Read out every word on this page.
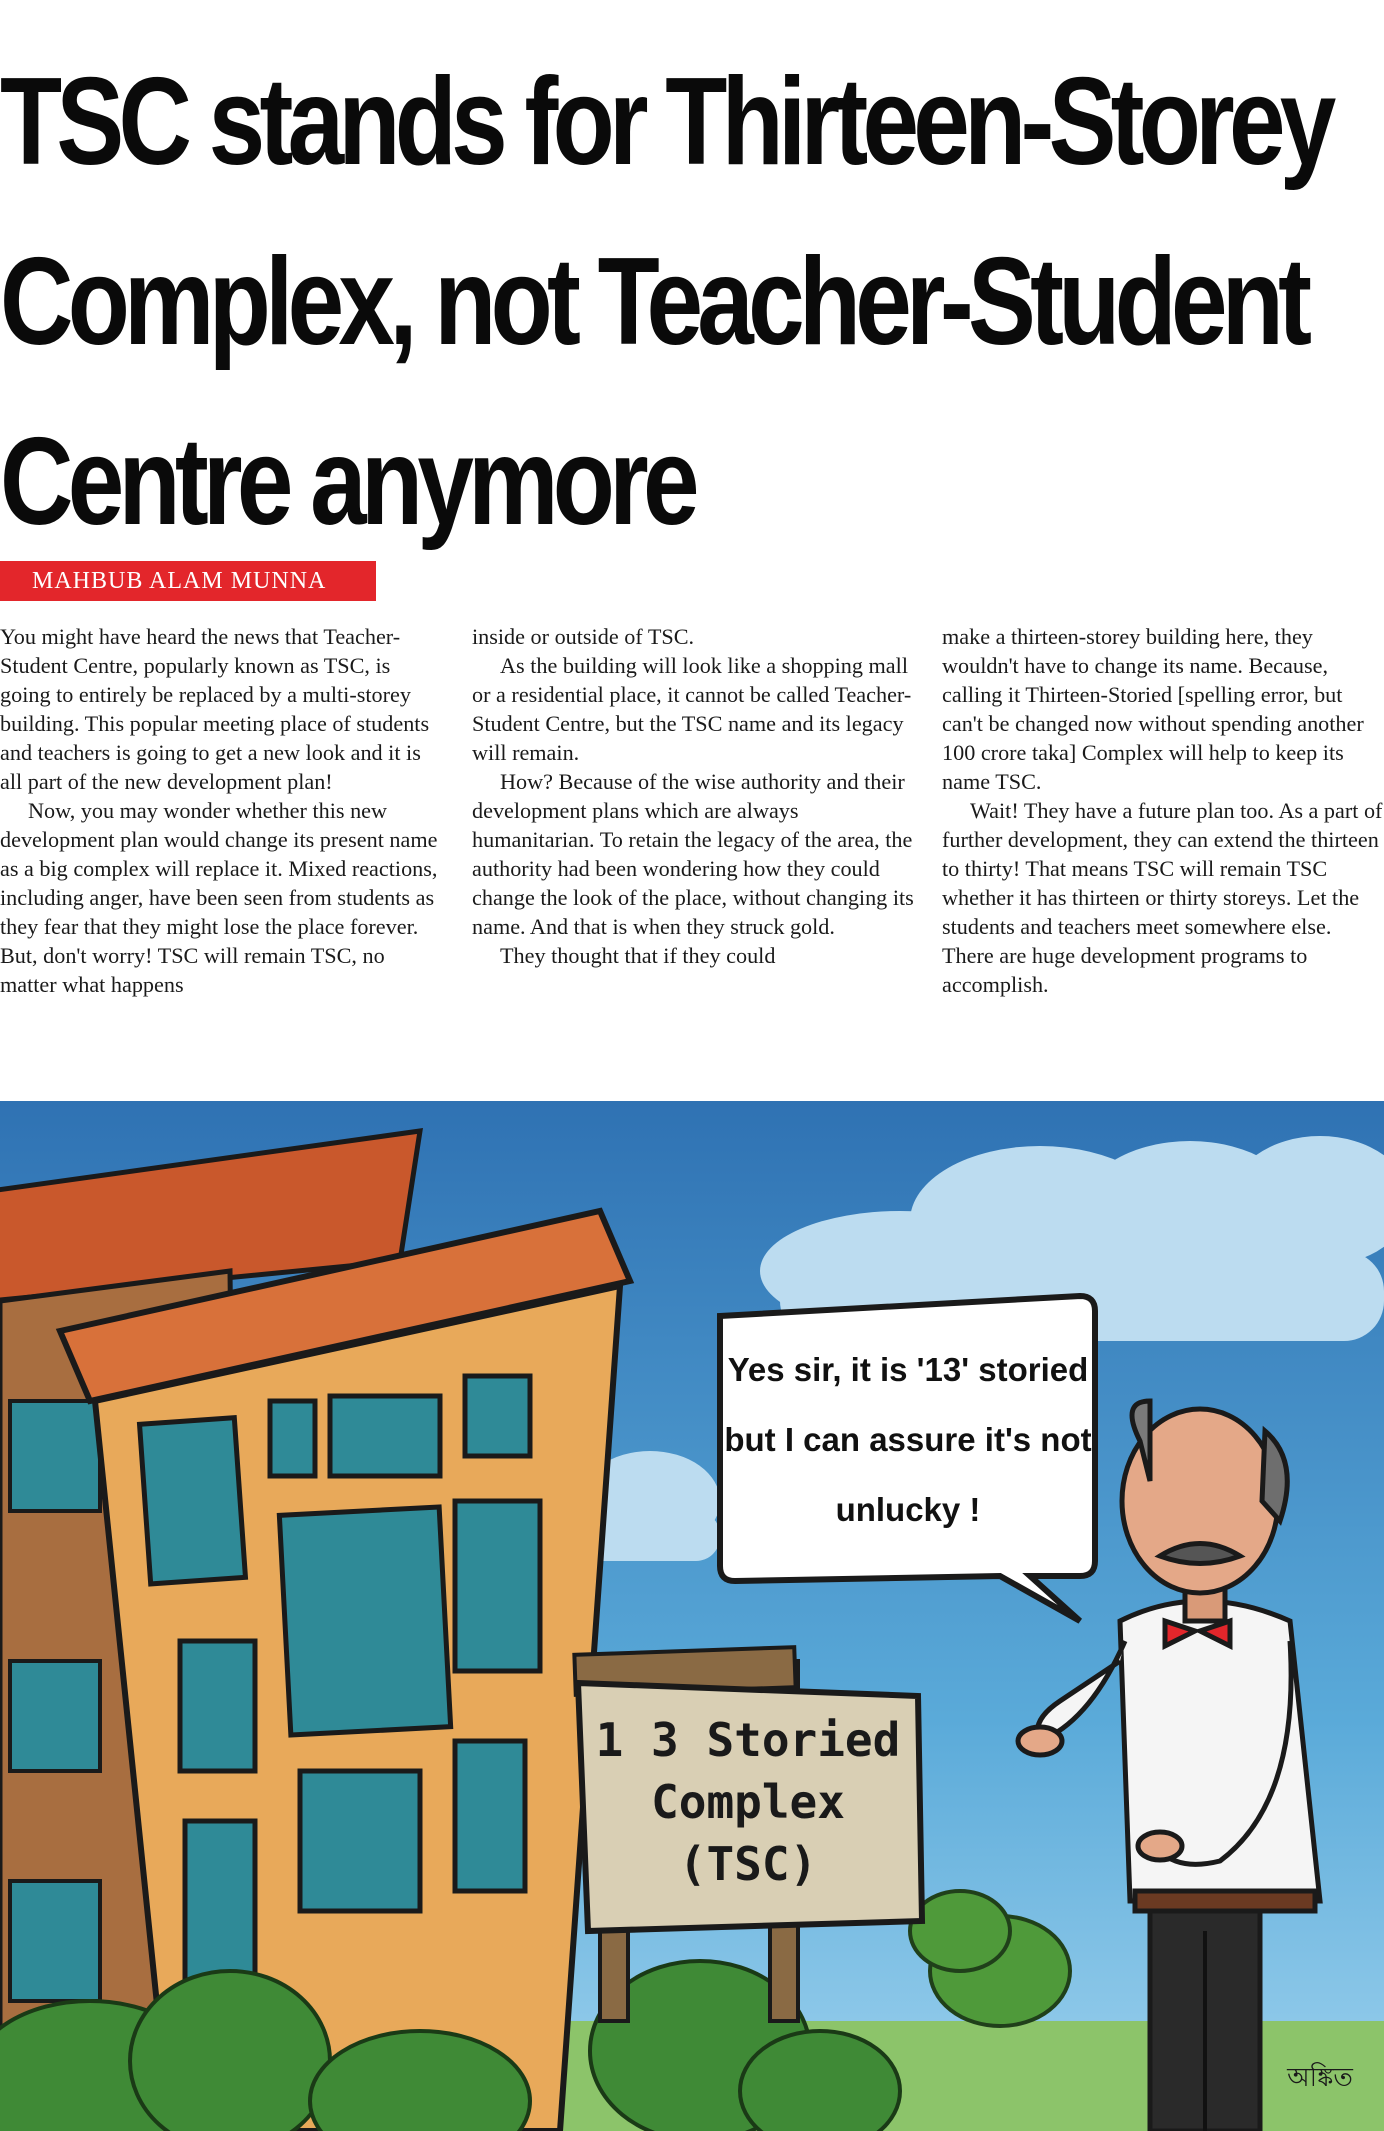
TSC stands for Thirteen-Storey Complex, not Teacher-Student Centre anymore
MAHBUB ALAM MUNNA

You might have heard the news that Teacher-Student Centre, popularly known as TSC, is going to entirely be replaced by a multi-storey building. This popular meeting place of students and teachers is going to get a new look and it is all part of the new development plan!

Now, you may wonder whether this new development plan would change its present name as a big complex will replace it. Mixed reactions, including anger, have been seen from students as they fear that they might lose the place forever. But, don't worry! TSC will remain TSC, no matter what happens

inside or outside of TSC.

As the building will look like a shopping mall or a residential place, it cannot be called Teacher-Student Centre, but the TSC name and its legacy will remain.

How? Because of the wise authority and their development plans which are always humanitarian. To retain the legacy of the area, the authority had been wondering how they could change the look of the place, without changing its name. And that is when they struck gold.

They thought that if they could

make a thirteen-storey building here, they wouldn't have to change its name. Because, calling it Thirteen-Storied [spelling error, but can't be changed now without spending another 100 crore taka] Complex will help to keep its name TSC.

Wait! They have a future plan too. As a part of further development, they can extend the thirteen to thirty! That means TSC will remain TSC whether it has thirteen or thirty storeys. Let the students and teachers meet somewhere else. There are huge development programs to accomplish.

1 3 Storied
Complex
(TSC)
Yes sir, it is '13' storied
but I can assure it's not
unlucky !
অঙ্কিত
